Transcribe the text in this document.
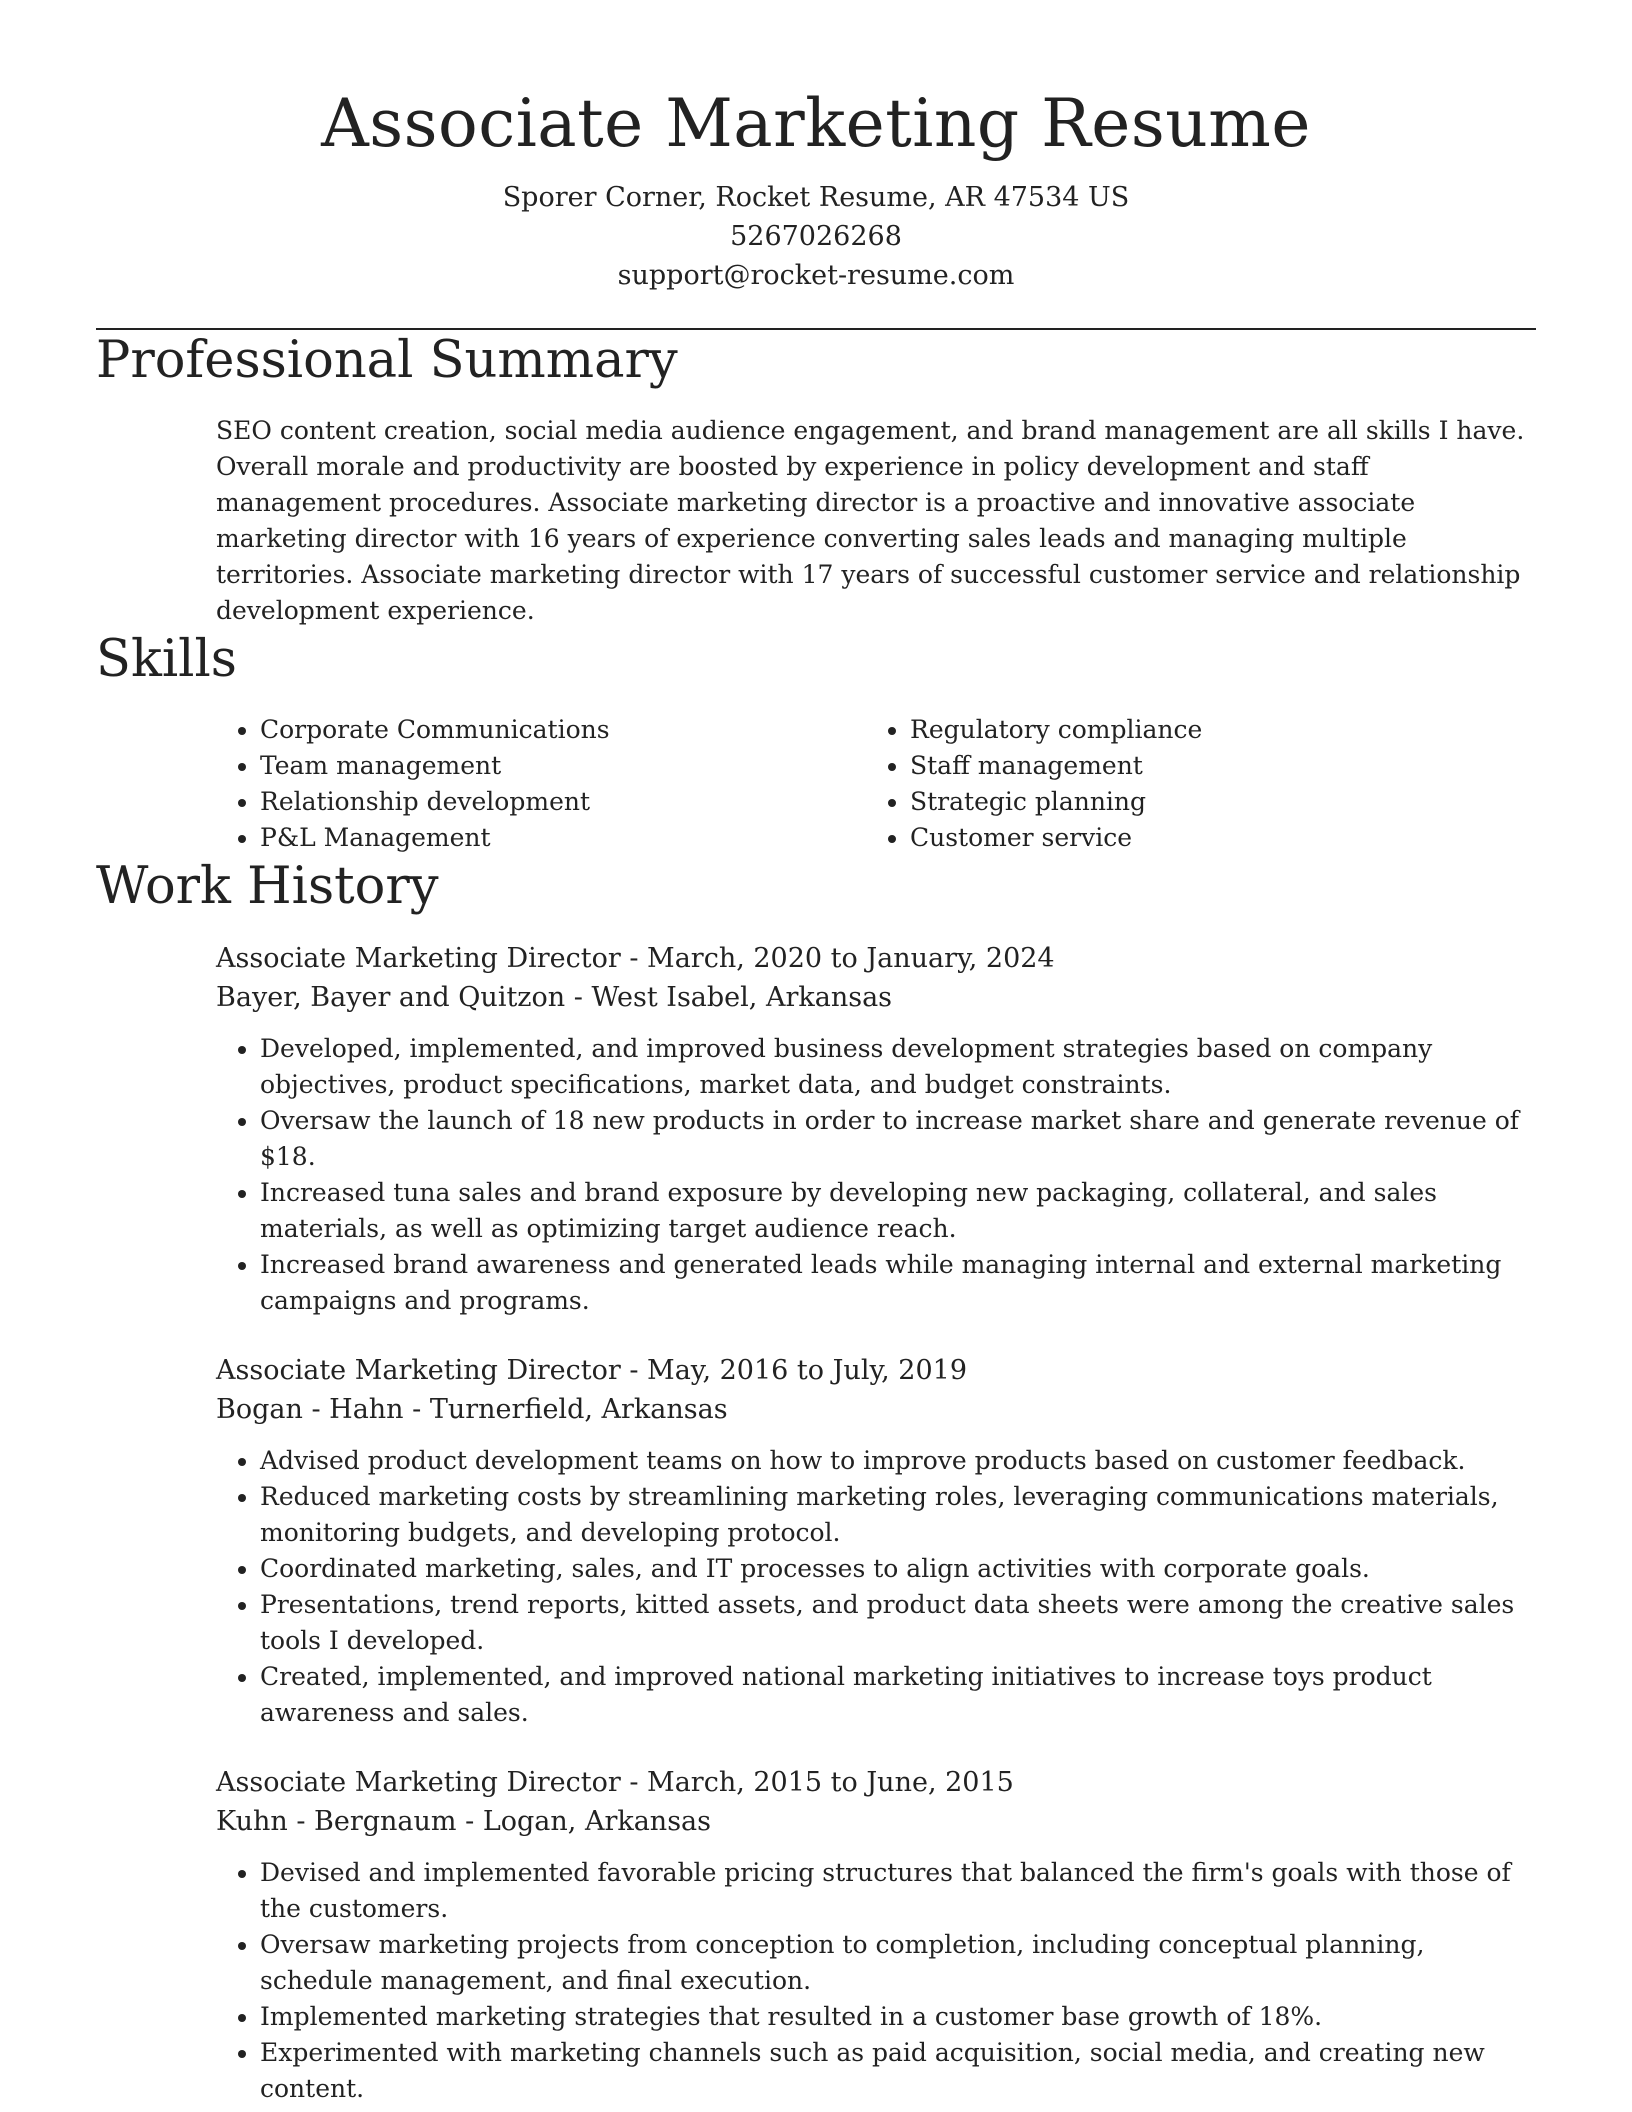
Associate Marketing Resume
Sporer Corner, Rocket Resume, AR 47534 US
5267026268
support@rocket-resume.com
Professional Summary

SEO content creation, social media audience engagement, and brand management are all skills I have. Overall morale and productivity are boosted by experience in policy development and staff management procedures. Associate marketing director is a proactive and innovative associate marketing director with 16 years of experience converting sales leads and managing multiple territories. Associate marketing director with 17 years of successful customer service and relationship development experience.

Skills
• Corporate Communications
• Team management
• Relationship development
• P&L Management
• Regulatory compliance
• Staff management
• Strategic planning
• Customer service
Work History
Associate Marketing Director - March, 2020 to January, 2024
Bayer, Bayer and Quitzon - West Isabel, Arkansas
• Developed, implemented, and improved business development strategies based on company objectives, product specifications, market data, and budget constraints.
• Oversaw the launch of 18 new products in order to increase market share and generate revenue of $18.
• Increased tuna sales and brand exposure by developing new packaging, collateral, and sales materials, as well as optimizing target audience reach.
• Increased brand awareness and generated leads while managing internal and external marketing campaigns and programs.
Associate Marketing Director - May, 2016 to July, 2019
Bogan - Hahn - Turnerfield, Arkansas
• Advised product development teams on how to improve products based on customer feedback.
• Reduced marketing costs by streamlining marketing roles, leveraging communications materials, monitoring budgets, and developing protocol.
• Coordinated marketing, sales, and IT processes to align activities with corporate goals.
• Presentations, trend reports, kitted assets, and product data sheets were among the creative sales tools I developed.
• Created, implemented, and improved national marketing initiatives to increase toys product awareness and sales.
Associate Marketing Director - March, 2015 to June, 2015
Kuhn - Bergnaum - Logan, Arkansas
• Devised and implemented favorable pricing structures that balanced the firm's goals with those of the customers.
• Oversaw marketing projects from conception to completion, including conceptual planning, schedule management, and final execution.
• Implemented marketing strategies that resulted in a customer base growth of 18%.
• Experimented with marketing channels such as paid acquisition, social media, and creating new content.
